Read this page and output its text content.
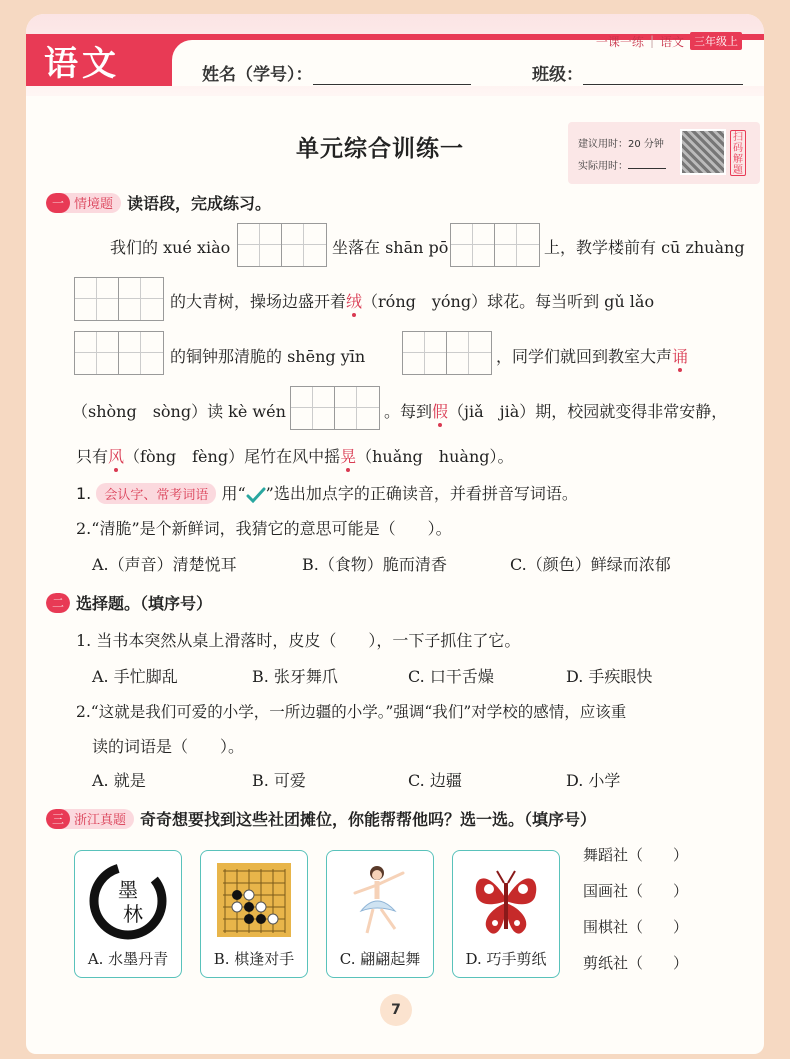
语文
一课一练 | 语文 三年级上
姓名（学号）：	班级：
单元综合训练一	建议用时：20 分钟
实际用时：
扫码解题
一 情境题 读语段，完成练习。
我们的 xué xiào	坐落在 shān pō	上，教学楼前有 cū zhuàng
的大青树，操场边盛开着绒（róng　yóng）球花。每当听到 gǔ lǎo
的铜钟那清脆的 shēng yīn	，同学们就回到教室大声诵
（shòng　sòng）读 kè wén	。每到假（jiǎ　jià）期，校园就变得非常安静，
只有风（fòng　fèng）尾竹在风中摇晃（huǎng　huàng）。
1. 会认字、常考词语 用“ ”选出加点字的正确读音，并看拼音写词语。
2.“清脆”是个新鲜词，我猜它的意思可能是（　　）。
A.（声音）清楚悦耳	B.（食物）脆而清香	C.（颜色）鲜绿而浓郁
二 选择题。（填序号）
1. 当书本突然从桌上滑落时，皮皮（　　），一下子抓住了它。
A. 手忙脚乱	B. 张牙舞爪	C. 口干舌燥	D. 手疾眼快
2.“这就是我们可爱的小学，一所边疆的小学。”强调“我们”对学校的感情，应该重
读的词语是（　　）。
A. 就是	B. 可爱	C. 边疆	D. 小学
三 浙江真题 奇奇想要找到这些社团摊位，你能帮帮他吗？选一选。（填序号）
墨
林
A. 水墨丹青	B. 棋逢对手	C. 翩翩起舞	D. 巧手剪纸
舞蹈社（　　）
国画社（　　）
围棋社（　　）
剪纸社（　　）
7
